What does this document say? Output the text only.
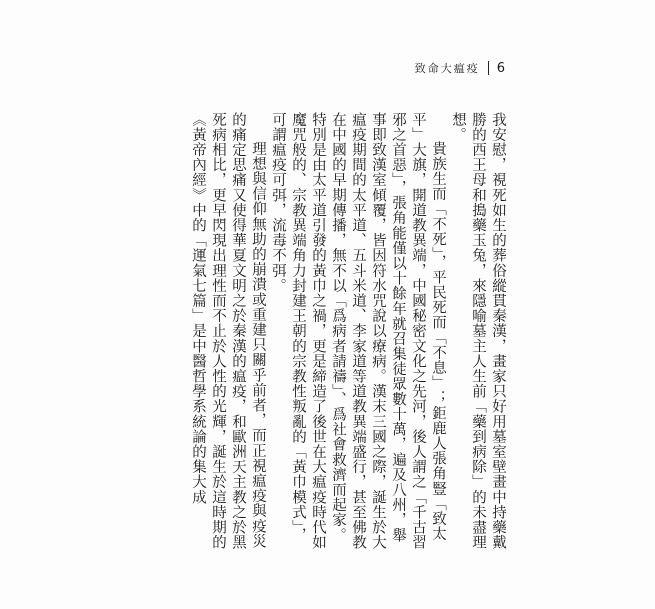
致命大瘟疫 6

我安慰，視死如生的葬俗縱貫秦漢，畫家只好用墓室壁畫中持藥戴勝的西王母和搗藥玉兔，來隱喻墓主人生前「藥到病除」的未盡理想。

貴族生而「不死」，平民死而「不息」；鉅鹿人張角豎「致太平」大旗，開道教異端，中國秘密文化之先河，後人謂之「千古習邪之首惡」，張角能僅以十餘年就召集徒眾數十萬，遍及八州，舉事即致漢室傾覆，皆因符水咒說以療病。漢末三國之際，誕生於大瘟疫期間的太平道、五斗米道、李家道等道教異端盛行，甚至佛教在中國的早期傳播，無不以「爲病者請禱」、爲社會救濟而起家。特別是由太平道引發的黃巾之禍，更是締造了後世在大瘟疫時代如魔咒般的、宗教異端角力封建王朝的宗教性叛亂的「黃巾模式」，可謂瘟疫可弭，流毒不弭。

理想與信仰無助的崩潰或重建只關乎前者，而正視瘟疫與疫災的痛定思痛又使得華夏文明之於秦漢的瘟疫，和歐洲天主教之於黑死病相比，更早閃現出理性而不止於人性的光輝，誕生於這時期的《黃帝內經》中的「運氣七篇」是中醫哲學系統論的集大成
